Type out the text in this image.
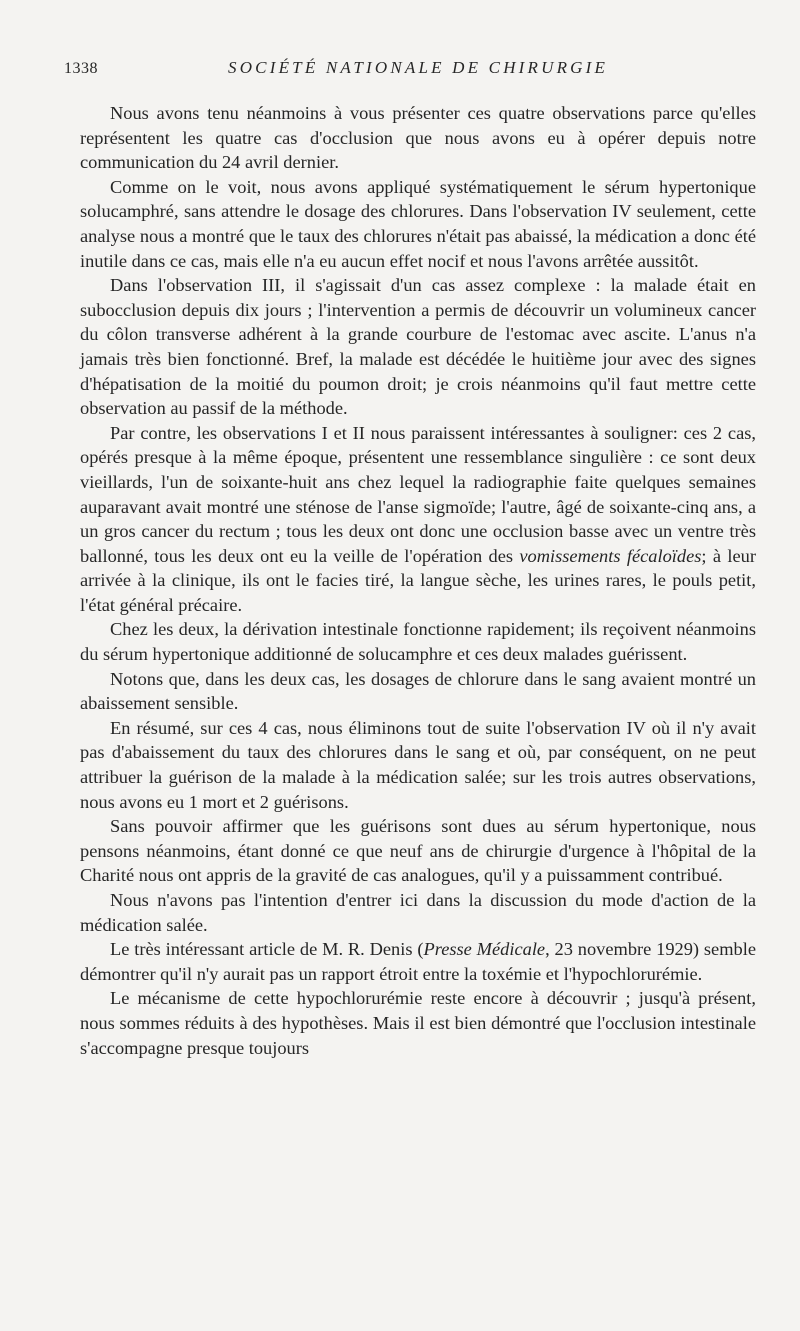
1338	SOCIÉTÉ NATIONALE DE CHIRURGIE

Nous avons tenu néanmoins à vous présenter ces quatre observations parce qu'elles représentent les quatre cas d'occlusion que nous avons eu à opérer depuis notre communication du 24 avril dernier.

Comme on le voit, nous avons appliqué systématiquement le sérum hypertonique solucamphré, sans attendre le dosage des chlorures. Dans l'observation IV seulement, cette analyse nous a montré que le taux des chlorures n'était pas abaissé, la médication a donc été inutile dans ce cas, mais elle n'a eu aucun effet nocif et nous l'avons arrêtée aussitôt.

Dans l'observation III, il s'agissait d'un cas assez complexe : la malade était en subocclusion depuis dix jours ; l'intervention a permis de découvrir un volumineux cancer du côlon transverse adhérent à la grande courbure de l'estomac avec ascite. L'anus n'a jamais très bien fonctionné. Bref, la malade est décédée le huitième jour avec des signes d'hépatisation de la moitié du poumon droit; je crois néanmoins qu'il faut mettre cette observation au passif de la méthode.

Par contre, les observations I et II nous paraissent intéressantes à souligner: ces 2 cas, opérés presque à la même époque, présentent une ressemblance singulière : ce sont deux vieillards, l'un de soixante-huit ans chez lequel la radiographie faite quelques semaines auparavant avait montré une sténose de l'anse sigmoïde; l'autre, âgé de soixante-cinq ans, a un gros cancer du rectum ; tous les deux ont donc une occlusion basse avec un ventre très ballonné, tous les deux ont eu la veille de l'opération des vomissements fécaloïdes; à leur arrivée à la clinique, ils ont le facies tiré, la langue sèche, les urines rares, le pouls petit, l'état général précaire.

Chez les deux, la dérivation intestinale fonctionne rapidement; ils reçoivent néanmoins du sérum hypertonique additionné de solucamphre et ces deux malades guérissent.

Notons que, dans les deux cas, les dosages de chlorure dans le sang avaient montré un abaissement sensible.

En résumé, sur ces 4 cas, nous éliminons tout de suite l'observation IV où il n'y avait pas d'abaissement du taux des chlorures dans le sang et où, par conséquent, on ne peut attribuer la guérison de la malade à la médication salée; sur les trois autres observations, nous avons eu 1 mort et 2 guérisons.

Sans pouvoir affirmer que les guérisons sont dues au sérum hypertonique, nous pensons néanmoins, étant donné ce que neuf ans de chirurgie d'urgence à l'hôpital de la Charité nous ont appris de la gravité de cas analogues, qu'il y a puissamment contribué.

Nous n'avons pas l'intention d'entrer ici dans la discussion du mode d'action de la médication salée.

Le très intéressant article de M. R. Denis (Presse Médicale, 23 novembre 1929) semble démontrer qu'il n'y aurait pas un rapport étroit entre la toxémie et l'hypochlorurémie.

Le mécanisme de cette hypochlorurémie reste encore à découvrir ; jusqu'à présent, nous sommes réduits à des hypothèses. Mais il est bien démontré que l'occlusion intestinale s'accompagne presque toujours
